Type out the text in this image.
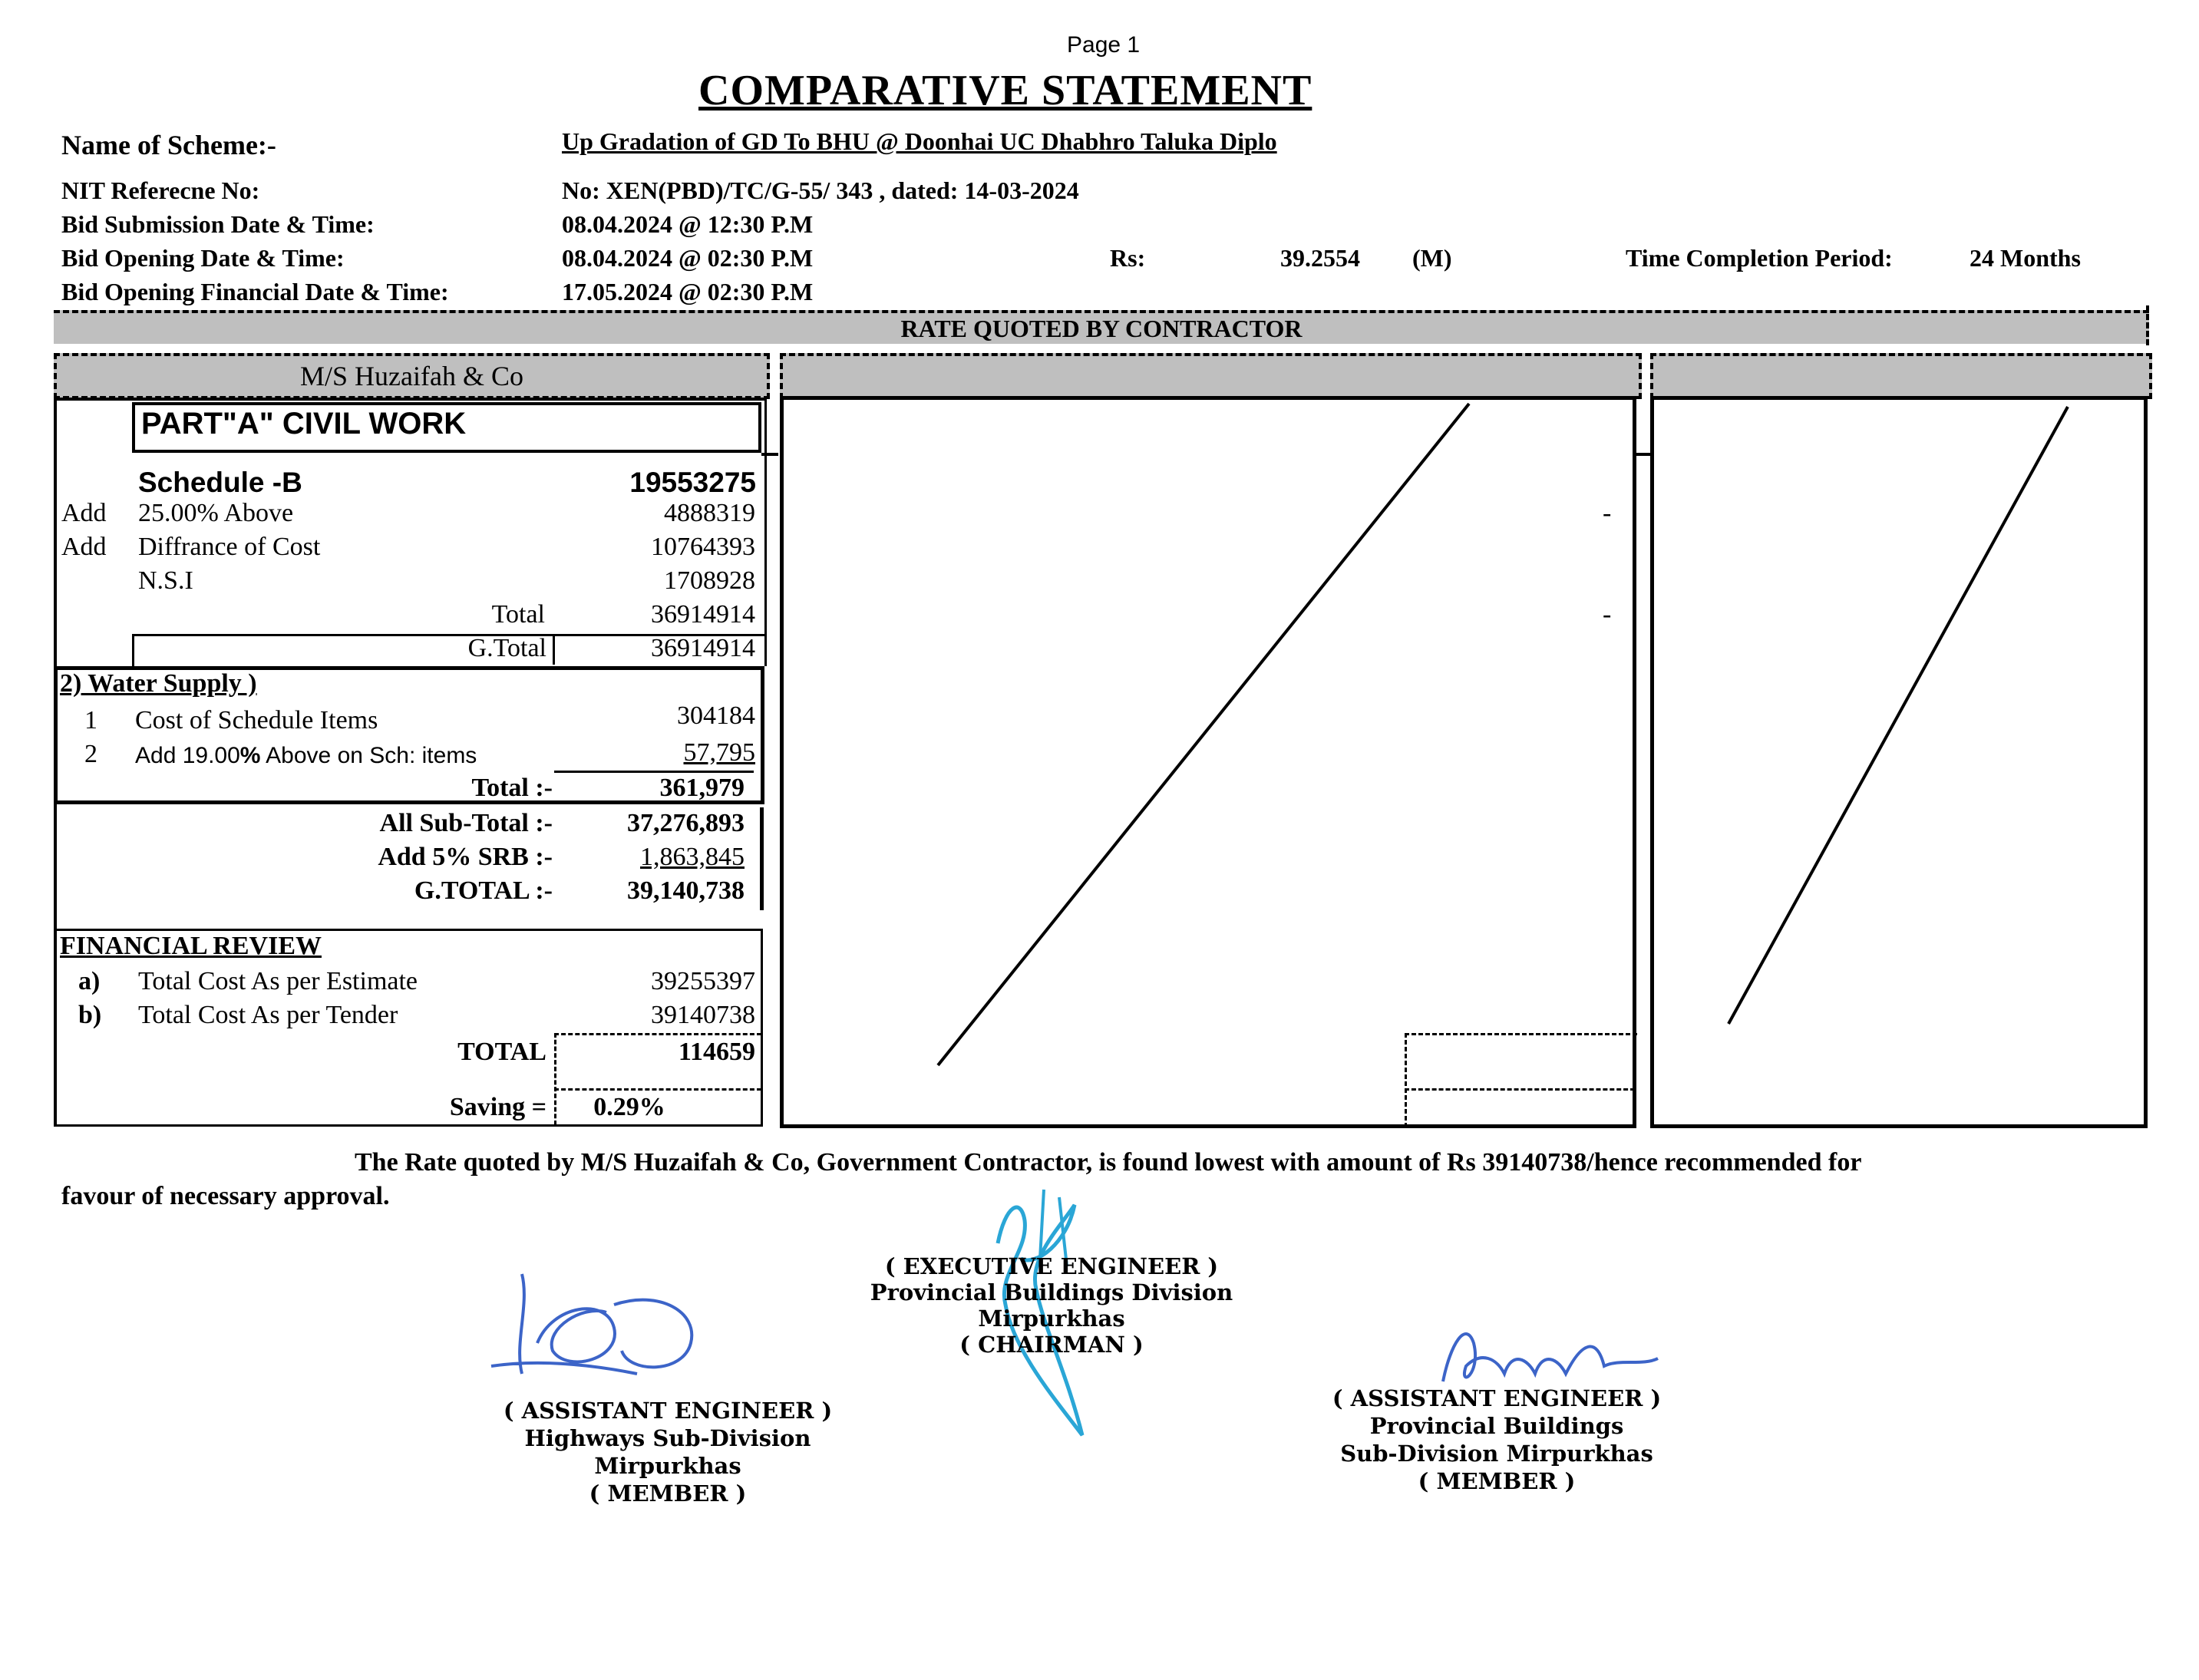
Page 1
COMPARATIVE STATEMENT
Name of Scheme:-	Up Gradation of GD To BHU @ Doonhai UC Dhabhro Taluka Diplo
NIT Referecne No:	No: XEN(PBD)/TC/G-55/ 343 , dated: 14-03-2024
Bid Submission Date & Time:	08.04.2024 @ 12:30 P.M
Bid Opening Date & Time:	08.04.2024 @ 02:30 P.M	Rs:	39.2554 (M)	Time Completion Period:	24 Months
Bid Opening Financial Date & Time:	17.05.2024 @ 02:30 P.M
RATE QUOTED BY CONTRACTOR
M/S Huzaifah & Co
PART"A" CIVIL WORK
Schedule -B	19553275
Add 25.00% Above	4888319
Add Diffrance of Cost	10764393
N.S.I	1708928
Total	36914914
G.Total	36914914
2) Water Supply )
1 Cost of Schedule Items	304184
2 Add 19.00% Above on Sch: items	57,795
Total :-	361,979
All Sub-Total :-	37,276,893
Add 5% SRB :-	1,863,845
G.TOTAL :-	39,140,738
FINANCIAL REVIEW
a) Total Cost As per Estimate	39255397
b) Total Cost As per Tender	39140738
TOTAL	114659
Saving =	0.29%
-
-
The Rate quoted by M/S Huzaifah & Co, Government Contractor, is found lowest with amount of Rs 39140738/hence recommended for
favour of necessary approval.
( EXECUTIVE ENGINEER )
Provincial Buildings Division
Mirpurkhas
( CHAIRMAN )
( ASSISTANT ENGINEER )
Highways Sub-Division
Mirpurkhas
( MEMBER )
( ASSISTANT ENGINEER )
Provincial Buildings
Sub-Division Mirpurkhas
( MEMBER )
